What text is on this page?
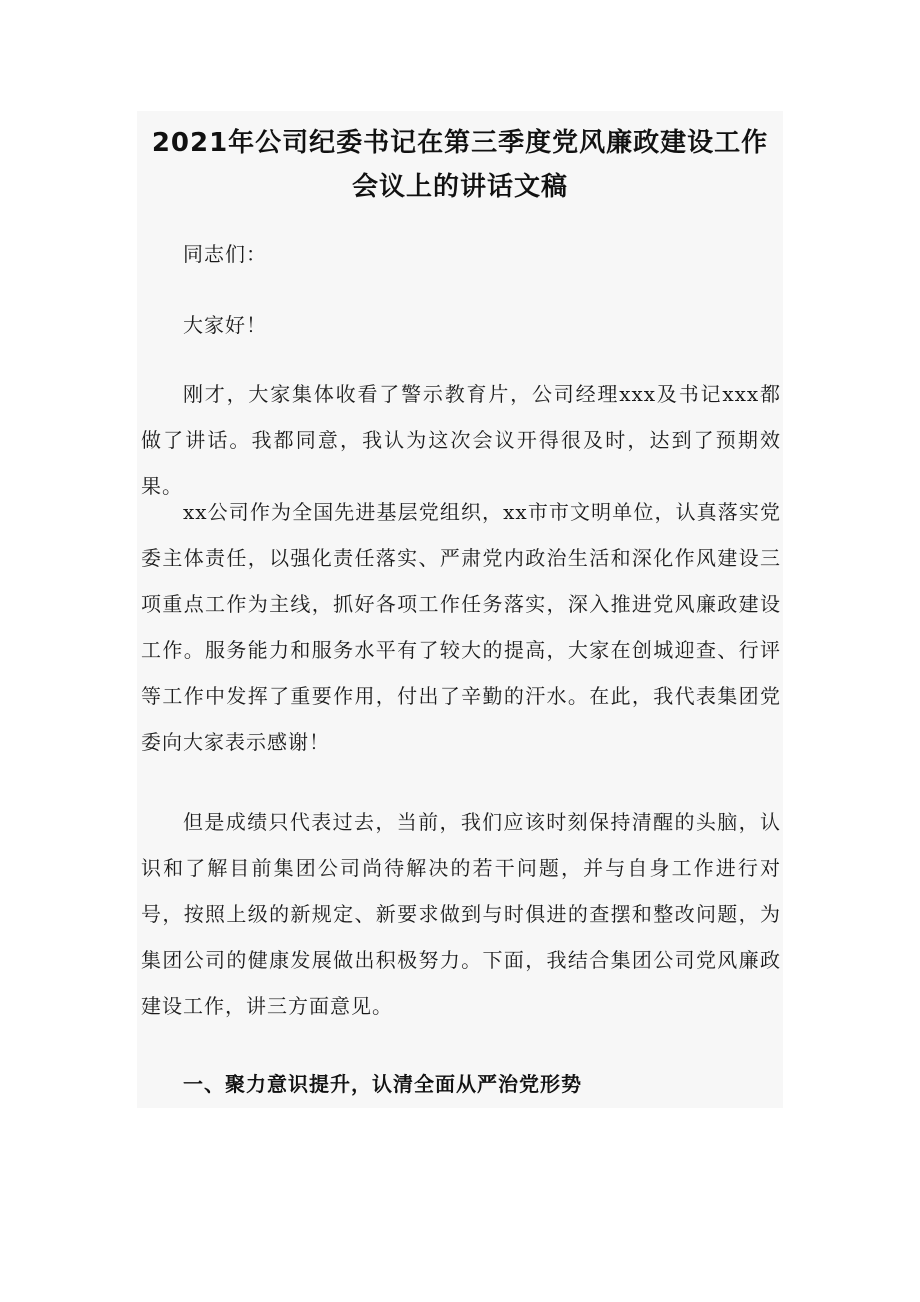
2021年公司纪委书记在第三季度党风廉政建设工作
会议上的讲话文稿

同志们：

大家好！

刚才，大家集体收看了警示教育片，公司经理xxx及书记xxx都做了讲话。我都同意，我认为这次会议开得很及时，达到了预期效果。

xx公司作为全国先进基层党组织，xx市市文明单位，认真落实党委主体责任，以强化责任落实、严肃党内政治生活和深化作风建设三项重点工作为主线，抓好各项工作任务落实，深入推进党风廉政建设工作。服务能力和服务水平有了较大的提高，大家在创城迎查、行评等工作中发挥了重要作用，付出了辛勤的汗水。在此，我代表集团党委向大家表示感谢！

但是成绩只代表过去，当前，我们应该时刻保持清醒的头脑，认识和了解目前集团公司尚待解决的若干问题，并与自身工作进行对号，按照上级的新规定、新要求做到与时俱进的查摆和整改问题，为集团公司的健康发展做出积极努力。下面，我结合集团公司党风廉政建设工作，讲三方面意见。

一、聚力意识提升，认清全面从严治党形势
